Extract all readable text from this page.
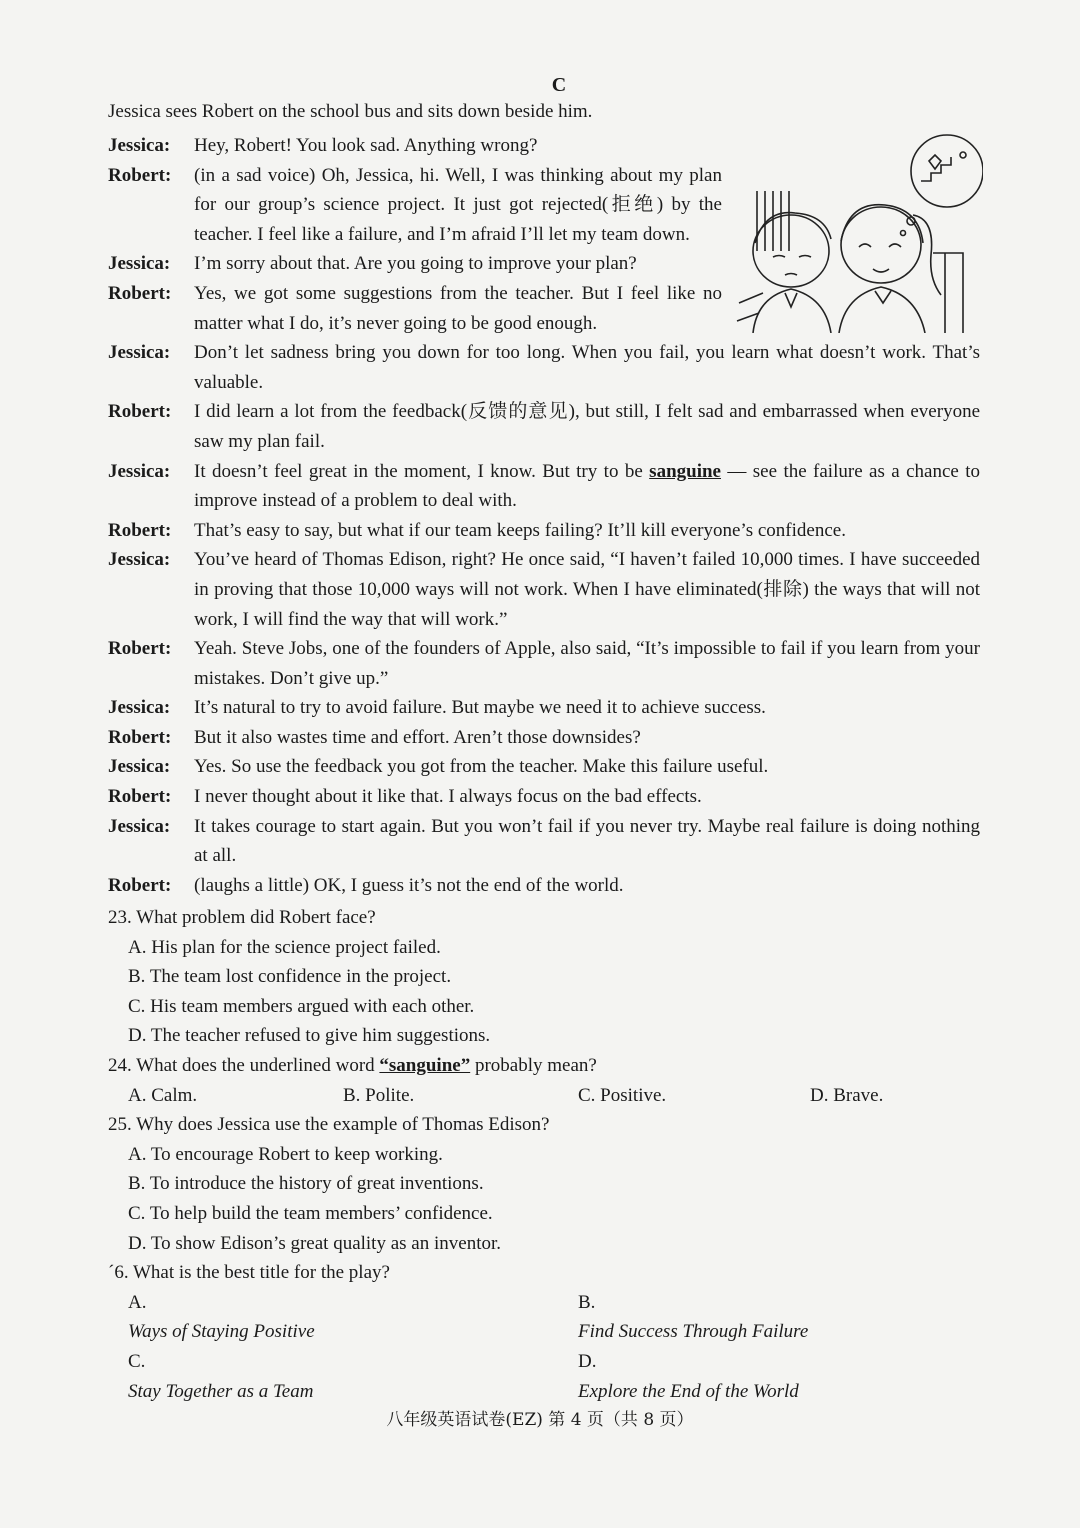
C
Jessica sees Robert on the school bus and sits down beside him.
Jessica:	Hey, Robert! You look sad. Anything wrong?
Robert:	(in a sad voice) Oh, Jessica, hi. Well, I was thinking about my plan for our group’s science project. It just got rejected(拒绝) by the teacher. I feel like a failure, and I’m afraid I’ll let my team down.
Jessica:	I’m sorry about that. Are you going to improve your plan?
Robert:	Yes, we got some suggestions from the teacher. But I feel like no matter what I do, it’s never going to be good enough.
Jessica:	Don’t let sadness bring you down for too long. When you fail, you learn what doesn’t work. That’s valuable.
Robert:	I did learn a lot from the feedback(反馈的意见), but still, I felt sad and embarrassed when everyone saw my plan fail.
Jessica:	It doesn’t feel great in the moment, I know. But try to be sanguine — see the failure as a chance to improve instead of a problem to deal with.
Robert:	That’s easy to say, but what if our team keeps failing? It’ll kill everyone’s confidence.
Jessica:	You’ve heard of Thomas Edison, right? He once said, “I haven’t failed 10,000 times. I have succeeded in proving that those 10,000 ways will not work. When I have eliminated(排除) the ways that will not work, I will find the way that will work.”
Robert:	Yeah. Steve Jobs, one of the founders of Apple, also said, “It’s impossible to fail if you learn from your mistakes. Don’t give up.”
Jessica:	It’s natural to try to avoid failure. But maybe we need it to achieve success.
Robert:	But it also wastes time and effort. Aren’t those downsides?
Jessica:	Yes. So use the feedback you got from the teacher. Make this failure useful.
Robert:	I never thought about it like that. I always focus on the bad effects.
Jessica:	It takes courage to start again. But you won’t fail if you never try. Maybe real failure is doing nothing at all.
Robert:	(laughs a little) OK, I guess it’s not the end of the world.
23. What problem did Robert face?
A. His plan for the science project failed.
B. The team lost confidence in the project.
C. His team members argued with each other.
D. The teacher refused to give him suggestions.
24. What does the underlined word “sanguine” probably mean?
A. Calm.	B. Polite.	C. Positive.	D. Brave.
25. Why does Jessica use the example of Thomas Edison?
A. To encourage Robert to keep working.
B. To introduce the history of great inventions.
C. To help build the team members’ confidence.
D. To show Edison’s great quality as an inventor.
´6. What is the best title for the play?
A. Ways of Staying Positive
B. Find Success Through Failure
C. Stay Together as a Team
D. Explore the End of the World
八年级英语试卷(EZ) 第 4 页（共 8 页）
